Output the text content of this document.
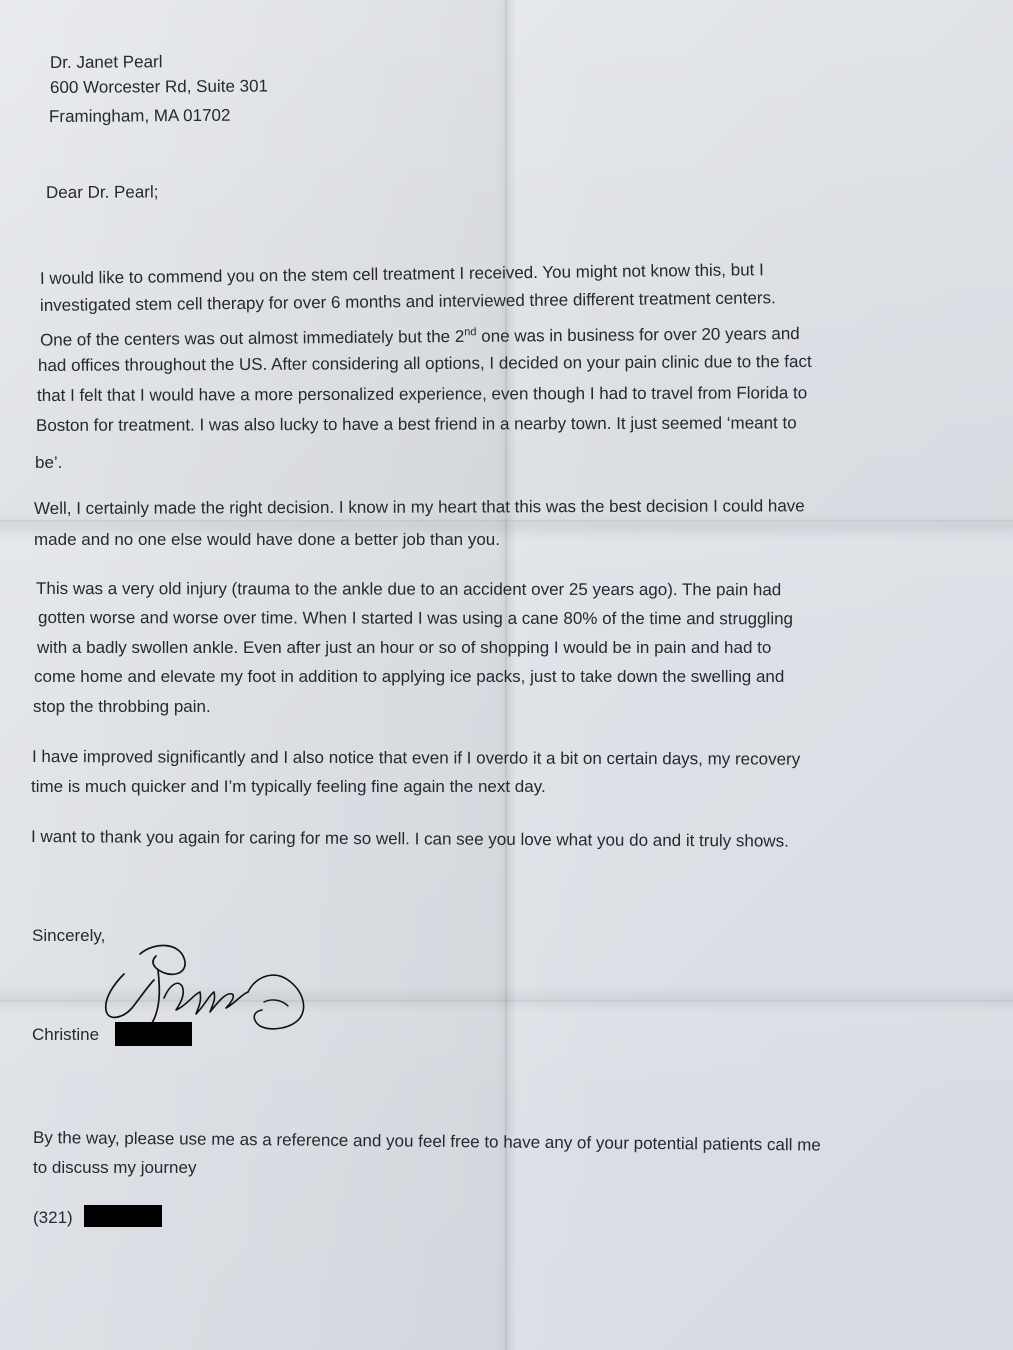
Dr. Janet Pearl
600 Worcester Rd, Suite 301
Framingham, MA 01702
Dear Dr. Pearl;
I would like to commend you on the stem cell treatment I received. You might not know this, but I
investigated stem cell therapy for over 6 months and interviewed three different treatment centers.
One of the centers was out almost immediately but the 2nd one was in business for over 20 years and
had offices throughout the US. After considering all options, I decided on your pain clinic due to the fact
that I felt that I would have a more personalized experience, even though I had to travel from Florida to
Boston for treatment. I was also lucky to have a best friend in a nearby town. It just seemed ‘meant to
be’.
Well, I certainly made the right decision. I know in my heart that this was the best decision I could have
made and no one else would have done a better job than you.
This was a very old injury (trauma to the ankle due to an accident over 25 years ago). The pain had
gotten worse and worse over time. When I started I was using a cane 80% of the time and struggling
with a badly swollen ankle. Even after just an hour or so of shopping I would be in pain and had to
come home and elevate my foot in addition to applying ice packs, just to take down the swelling and
stop the throbbing pain.
I have improved significantly and I also notice that even if I overdo it a bit on certain days, my recovery
time is much quicker and I’m typically feeling fine again the next day.
I want to thank you again for caring for me so well. I can see you love what you do and it truly shows.
Sincerely,
Christine
By the way, please use me as a reference and you feel free to have any of your potential patients call me
to discuss my journey
(321)
